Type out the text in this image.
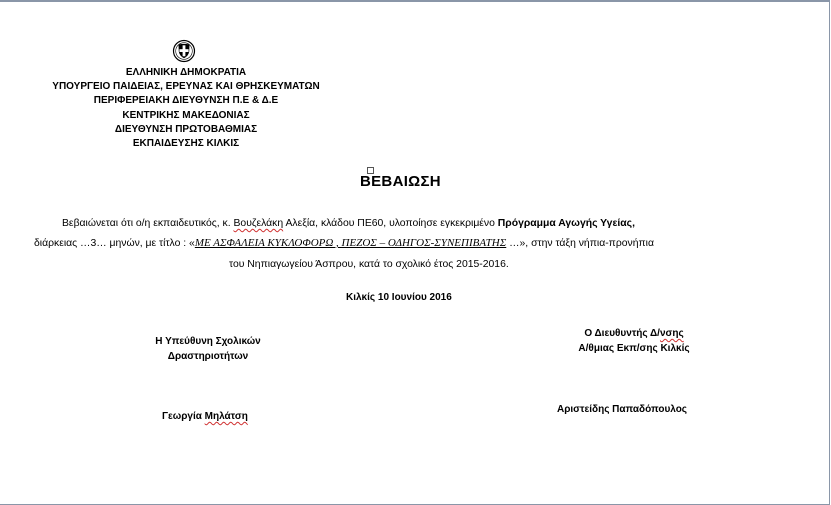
ΕΛΛΗΝΙΚΗ ΔΗΜΟΚΡΑΤΙΑ
ΥΠΟΥΡΓΕΙΟ ΠΑΙΔΕΙΑΣ, ΕΡΕΥΝΑΣ ΚΑΙ ΘΡΗΣΚΕΥΜΑΤΩΝ
ΠΕΡΙΦΕΡΕΙΑΚΗ ΔΙΕΥΘΥΝΣΗ Π.Ε & Δ.Ε
ΚΕΝΤΡΙΚΗΣ ΜΑΚΕΔΟΝΙΑΣ
ΔΙΕΥΘΥΝΣΗ ΠΡΩΤΟΒΑΘΜΙΑΣ
ΕΚΠΑΙΔΕΥΣΗΣ ΚΙΛΚΙΣ
ΒΕΒΑΙΩΣΗ
Βεβαιώνεται ότι ο/η εκπαιδευτικός, κ. Βουζελάκη Αλεξία, κλάδου ΠΕ60, υλοποίησε εγκεκριμένο Πρόγραμμα Αγωγής Υγείας,
διάρκειας …3… μηνών, με τίτλο : «ΜΕ ΑΣΦΑΛΕΙΑ ΚΥΚΛΟΦΟΡΩ , ΠΕΖΟΣ – ΟΔΗΓΟΣ-ΣΥΝΕΠΙΒΑΤΗΣ …», στην τάξη νήπια-προνήπια
του Νηπιαγωγείου Άσπρου, κατά το σχολικό έτος 2015-2016.
Κιλκίς 10 Ιουνίου 2016
Η Υπεύθυνη Σχολικών
Δραστηριοτήτων
Ο Διευθυντής Δ/νσης
Α/θμιας Εκπ/σης Κιλκίς
Γεωργία Μηλάτση
Αριστείδης Παπαδόπουλος
